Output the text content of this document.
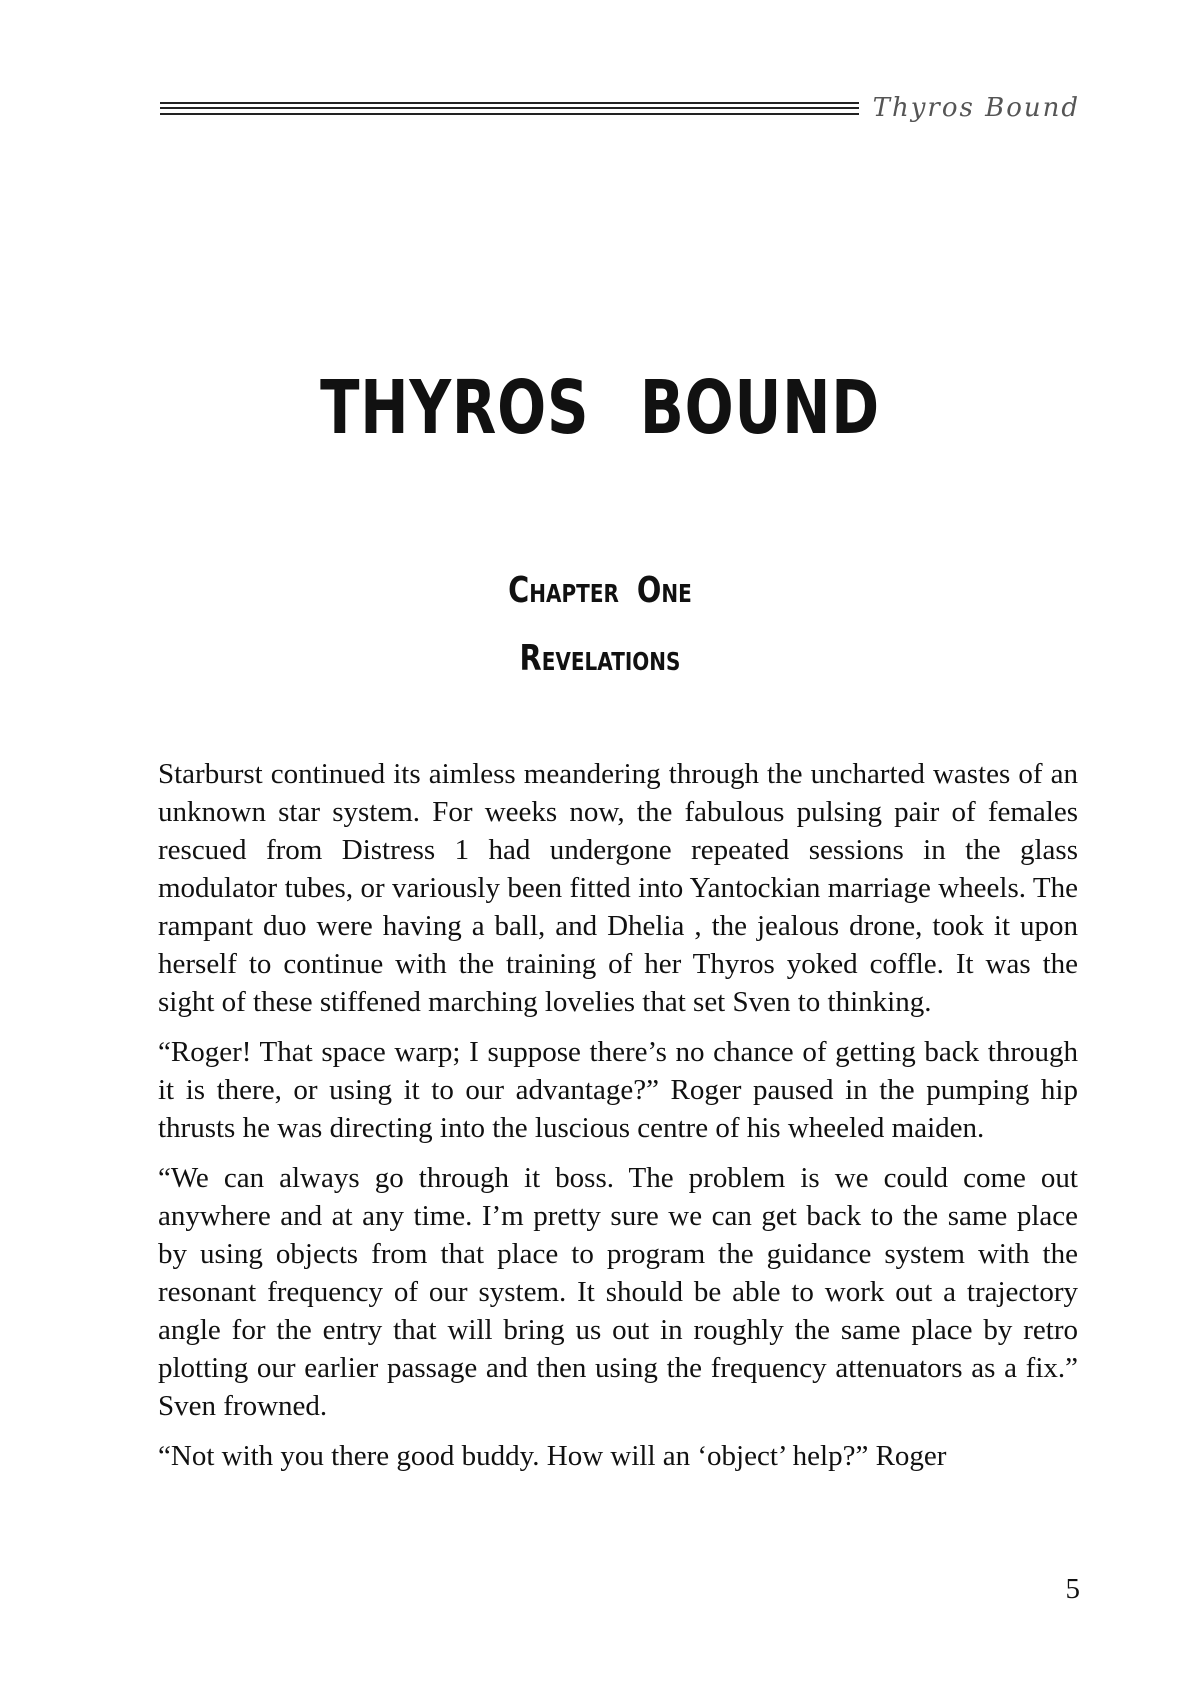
Thyros Bound
THYROS BOUND
Chapter One
Revelations

Starburst continued its aimless meandering through the uncharted wastes of an unknown star system. For weeks now, the fabulous pulsing pair of females rescued from Distress 1 had undergone repeated sessions in the glass modulator tubes, or variously been fitted into Yantockian marriage wheels. The rampant duo were having a ball, and Dhelia , the jealous drone, took it upon herself to continue with the training of her Thyros yoked coffle. It was the sight of these stiffened marching lovelies that set Sven to thinking.

“Roger! That space warp; I suppose there’s no chance of getting back through it is there, or using it to our advantage?” Roger paused in the pumping hip thrusts he was directing into the luscious centre of his wheeled maiden.

“We can always go through it boss. The problem is we could come out anywhere and at any time. I’m pretty sure we can get back to the same place by using objects from that place to program the guidance system with the resonant frequency of our system. It should be able to work out a trajectory angle for the entry that will bring us out in roughly the same place by retro plotting our earlier passage and then using the frequency attenuators as a fix.” Sven frowned.

“Not with you there good buddy. How will an ‘object’ help?” Roger

5
